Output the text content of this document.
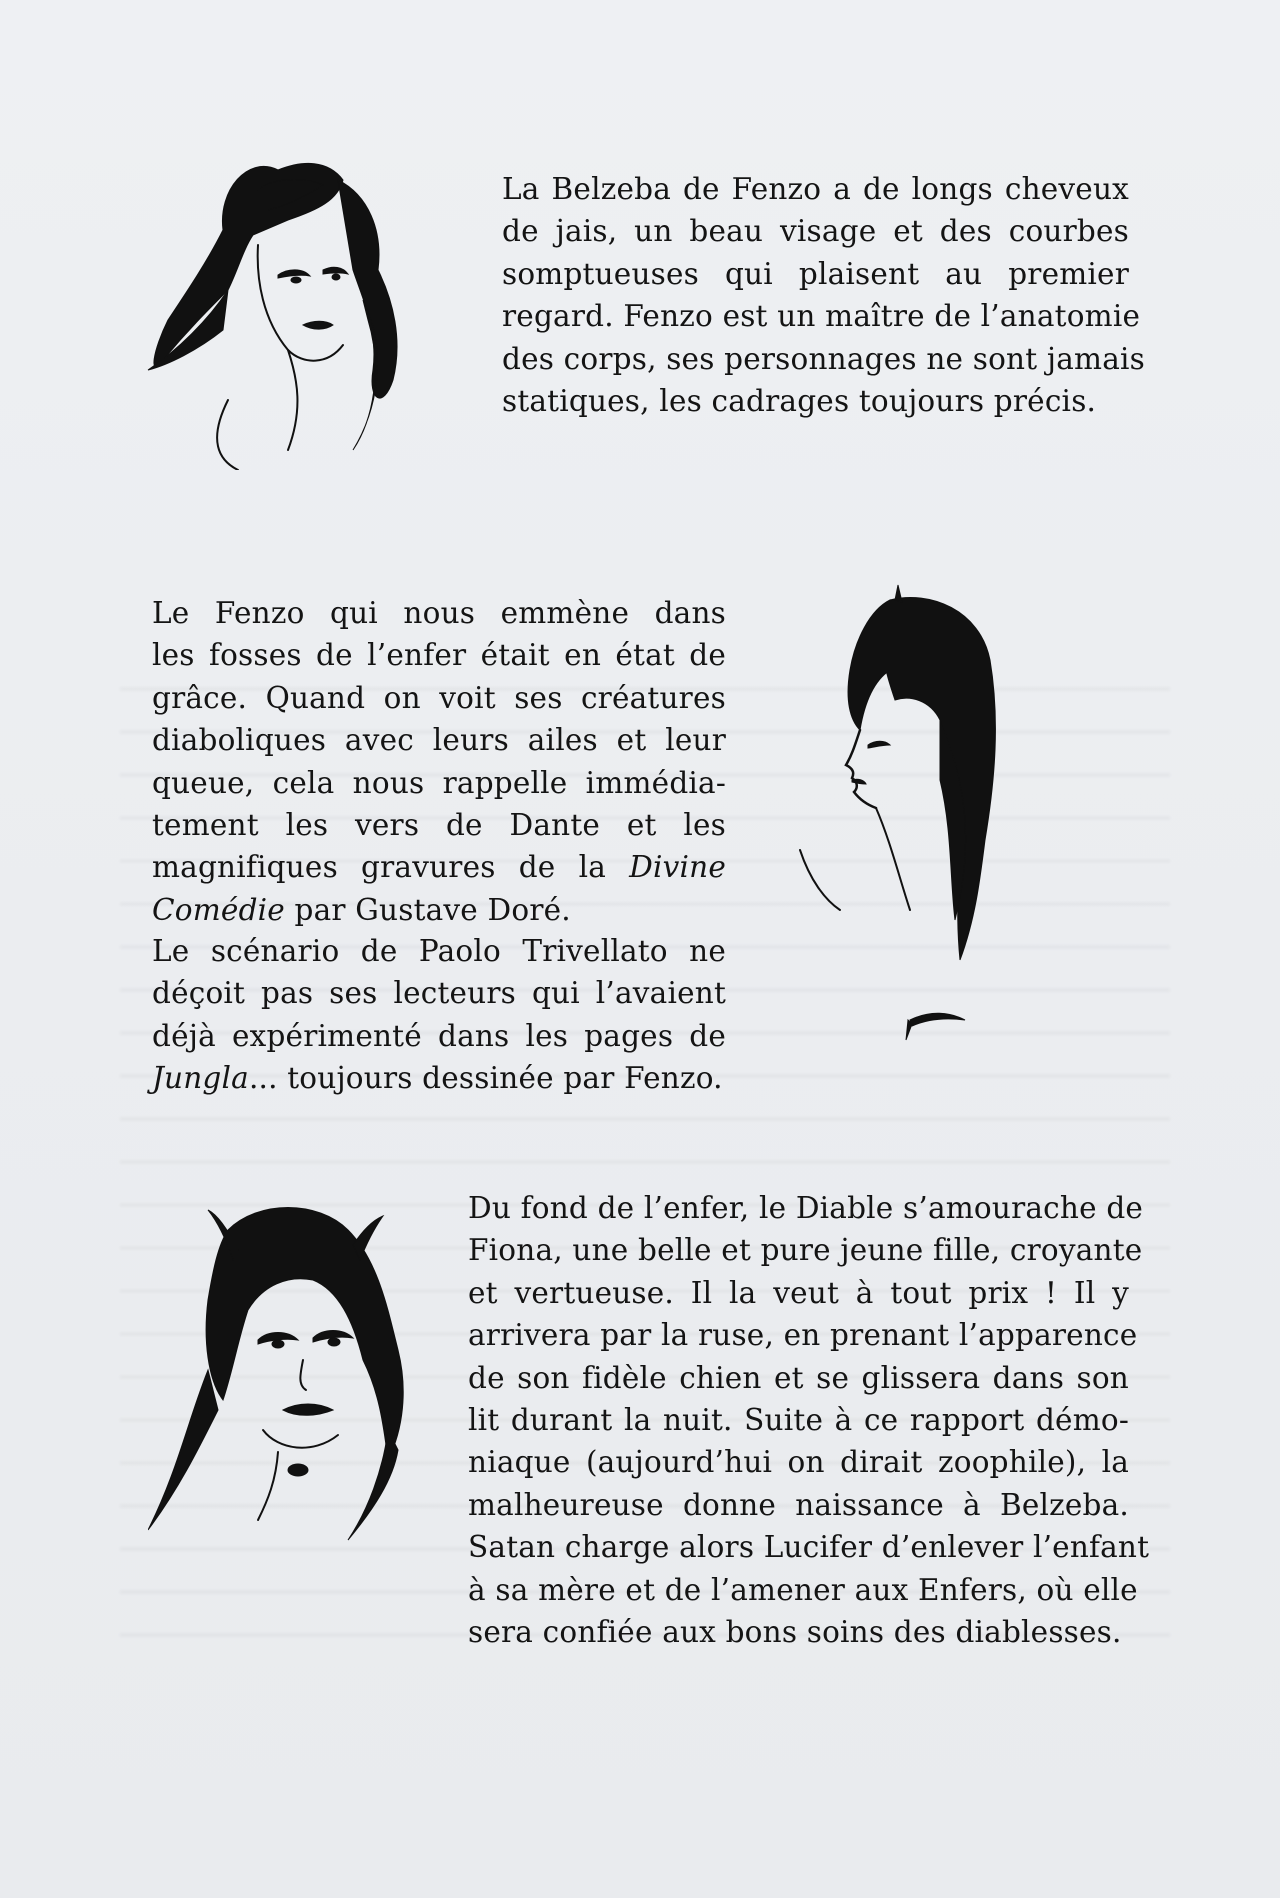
La Belzeba de Fenzo a de longs cheveux
de jais, un beau visage et des courbes
somptueuses qui plaisent au premier
regard. Fenzo est un maître de l’anatomie
des corps, ses personnages ne sont jamais
statiques, les cadrages toujours précis.

Le Fenzo qui nous emmène dans
les fosses de l’enfer était en état de
grâce. Quand on voit ses créatures
diaboliques avec leurs ailes et leur
queue, cela nous rappelle immédia-
tement les vers de Dante et les
magnifiques gravures de la Divine
Comédie par Gustave Doré.

Le scénario de Paolo Trivellato ne
déçoit pas ses lecteurs qui l’avaient
déjà expérimenté dans les pages de
Jungla... toujours dessinée par Fenzo.

Du fond de l’enfer, le Diable s’amourache de
Fiona, une belle et pure jeune fille, croyante
et vertueuse. Il la veut à tout prix ! Il y
arrivera par la ruse, en prenant l’apparence
de son fidèle chien et se glissera dans son
lit durant la nuit. Suite à ce rapport démo-
niaque (aujourd’hui on dirait zoophile), la
malheureuse donne naissance à Belzeba.
Satan charge alors Lucifer d’enlever l’enfant
à sa mère et de l’amener aux Enfers, où elle
sera confiée aux bons soins des diablesses.
